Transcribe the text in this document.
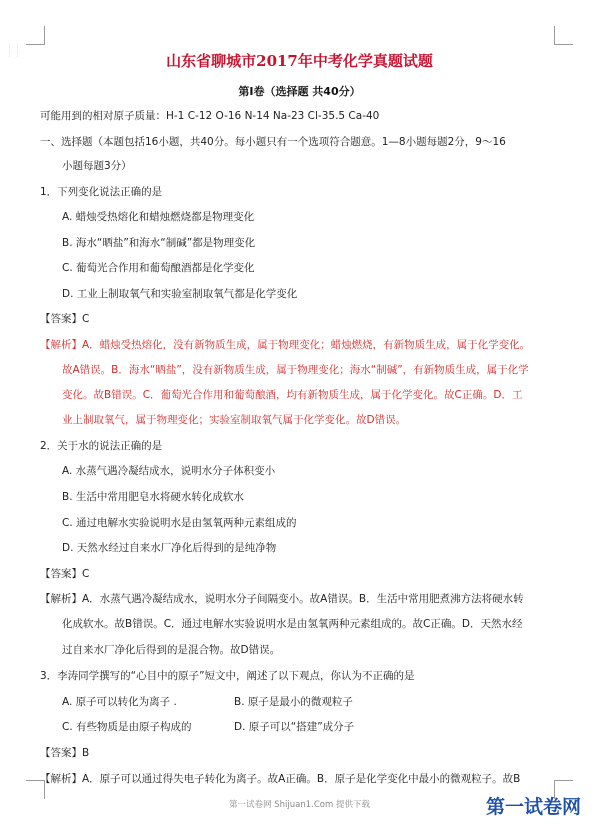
⋮⋮
⋮⋮	山东省聊城市2017年中考化学真题试题
第Ⅰ卷（选择题 共40分）
可能用到的相对原子质量：H-1 C-12 O-16 N-14 Na-23 Cl-35.5 Ca-40
一、选择题（本题包括16小题，共40分。每小题只有一个选项符合题意。1—8小题每题2分，9～16
小题每题3分）
1．下列变化说法正确的是
A. 蜡烛受热熔化和蜡烛燃烧都是物理变化
B. 海水“晒盐”和海水“制碱”都是物理变化
C. 葡萄光合作用和葡萄酿酒都是化学变化
D. 工业上制取氧气和实验室制取氧气都是化学变化
【答案】C
【解析】A．蜡烛受热熔化，没有新物质生成，属于物理变化；蜡烛燃烧，有新物质生成，属于化学变化。
故A错误。B．海水“晒盐”，没有新物质生成，属于物理变化；海水“制碱”，有新物质生成，属于化学
变化。故B错误。C．葡萄光合作用和葡萄酿酒，均有新物质生成，属于化学变化。故C正确。D．工
业上制取氧气，属于物理变化；实验室制取氧气属于化学变化。故D错误。
2．关于水的说法正确的是
A. 水蒸气遇冷凝结成水，说明水分子体积变小
B. 生活中常用肥皂水将硬水转化成软水
C. 通过电解水实验说明水是由氢氧两种元素组成的
D. 天然水经过自来水厂净化后得到的是纯净物
【答案】C
【解析】A．水蒸气遇冷凝结成水，说明水分子间隔变小。故A错误。B．生活中常用肥煮沸方法将硬水转
化成软水。故B错误。C．通过电解水实验说明水是由氢氧两种元素组成的。故C正确。D．天然水经
过自来水厂净化后得到的是混合物。故D错误。
3．李涛同学撰写的“心目中的原子”短文中，阐述了以下观点，你认为不正确的是
A. 原子可以转化为离子 .	B. 原子是最小的微观粒子
C. 有些物质是由原子构成的	D. 原子可以“搭建”成分子
【答案】B
【解析】A．原子可以通过得失电子转化为离子。故A正确。B．原子是化学变化中最小的微观粒子。故B
第一试卷网 Shijuan1.Com 提供下载	第一试卷网
